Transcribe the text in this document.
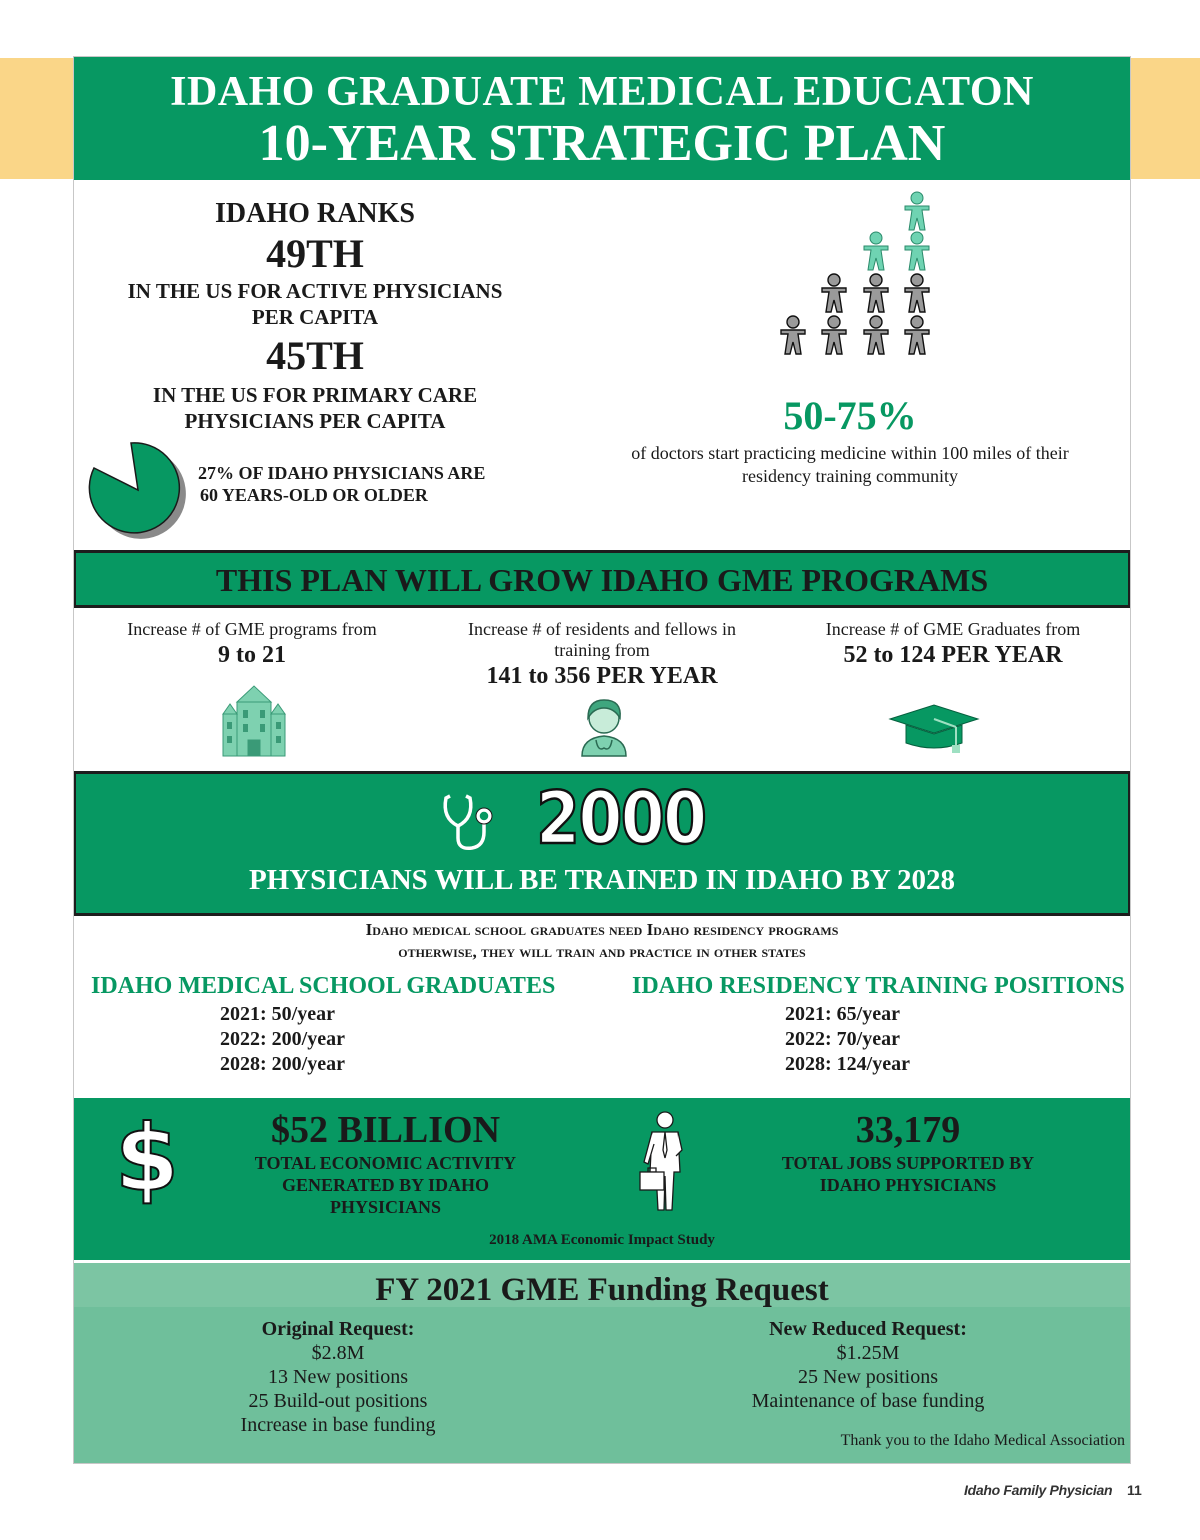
IDAHO GRADUATE MEDICAL EDUCATON
10-YEAR STRATEGIC PLAN
IDAHO RANKS
49TH
IN THE US FOR ACTIVE PHYSICIANS
PER CAPITA
45TH
IN THE US FOR PRIMARY CARE
PHYSICIANS PER CAPITA
27% OF IDAHO PHYSICIANS ARE
60 YEARS-OLD OR OLDER
50-75%
of doctors start practicing medicine within 100 miles of their
residency training community
THIS PLAN WILL GROW IDAHO GME PROGRAMS
Increase # of GME programs from
9 to 21
Increase # of residents and fellows in
training from
141 to 356 PER YEAR
Increase # of GME Graduates from
52 to 124 PER YEAR
2000
PHYSICIANS WILL BE TRAINED IN IDAHO BY 2028
Idaho medical school graduates need Idaho residency programs
otherwise, they will train and practice in other states
IDAHO MEDICAL SCHOOL GRADUATES
2021: 50/year
2022: 200/year
2028: 200/year
IDAHO RESIDENCY TRAINING POSITIONS
2021: 65/year
2022: 70/year
2028: 124/year
$	$52 BILLION
TOTAL ECONOMIC ACTIVITY
GENERATED BY IDAHO
PHYSICIANS
33,179
TOTAL JOBS SUPPORTED BY
IDAHO PHYSICIANS
2018 AMA Economic Impact Study
FY 2021 GME Funding Request
Original Request:
$2.8M
13 New positions
25 Build-out positions
Increase in base funding
New Reduced Request:
$1.25M
25 New positions
Maintenance of base funding
Thank you to the Idaho Medical Association
Idaho Family Physician 11
